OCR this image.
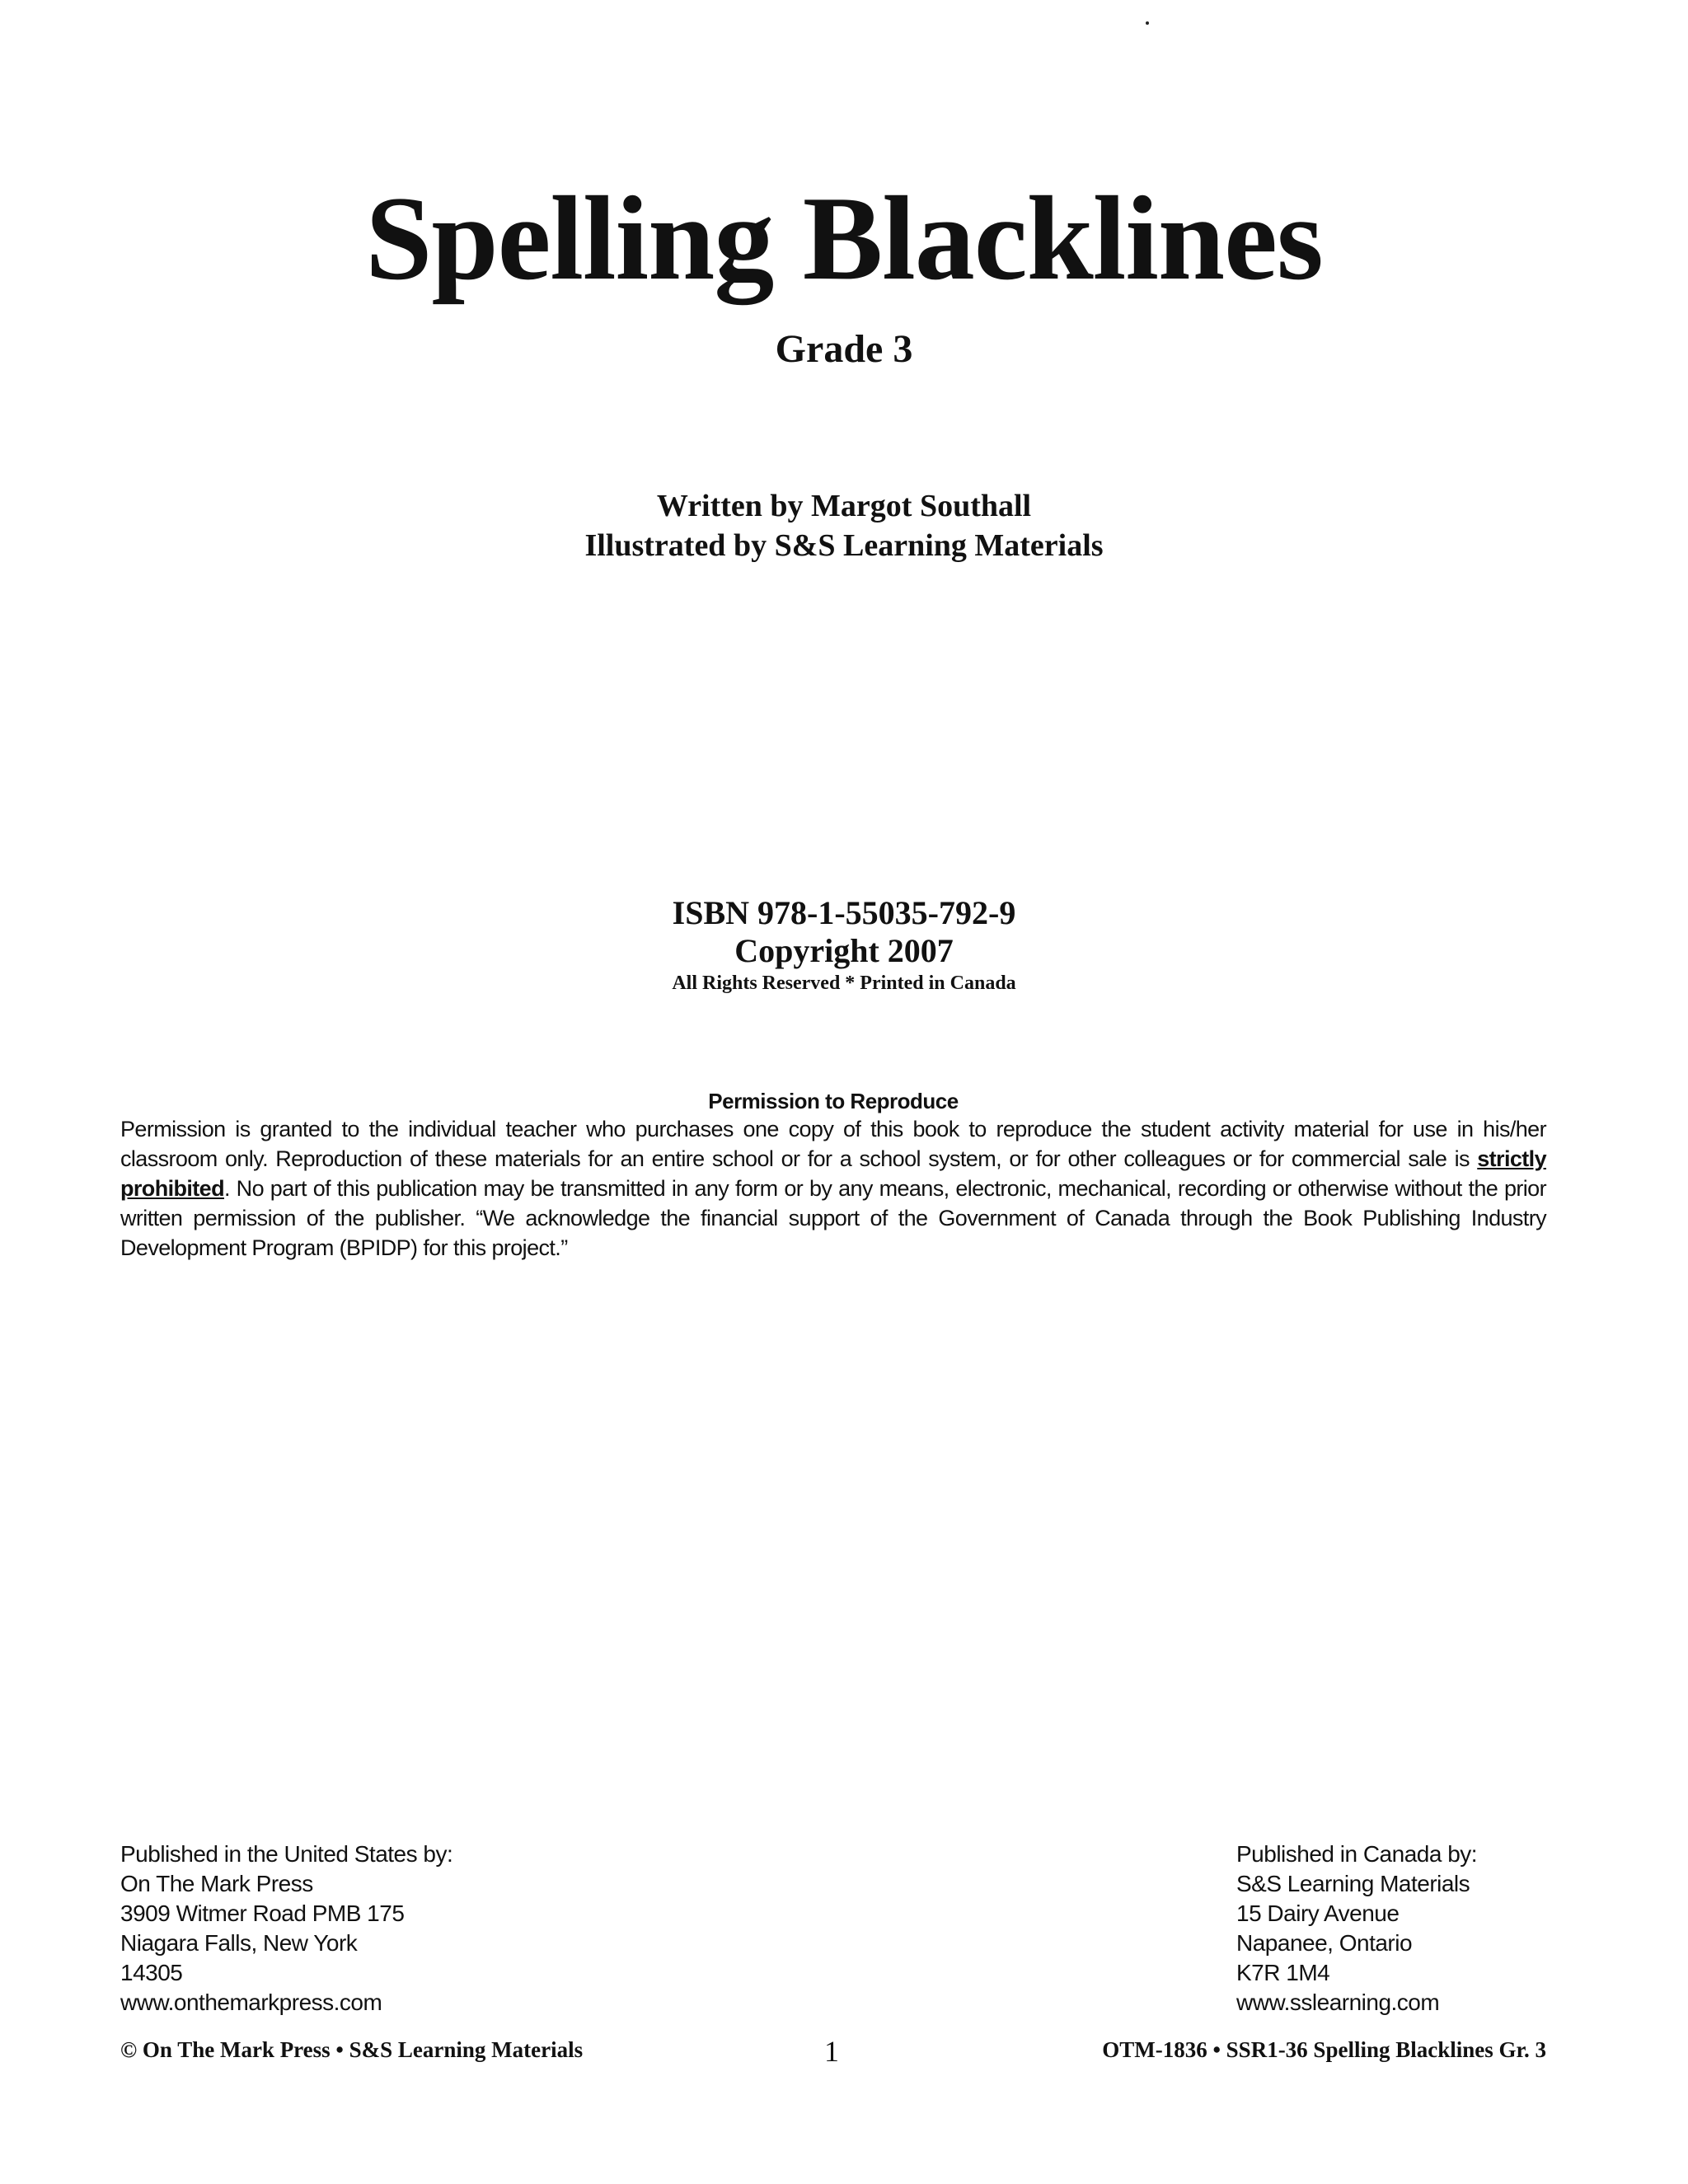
Spelling Blacklines
Grade 3
Written by Margot Southall
Illustrated by S&S Learning Materials
ISBN 978-1-55035-792-9
Copyright 2007
All Rights Reserved * Printed in Canada
Permission to Reproduce
Permission is granted to the individual teacher who purchases one copy of this book to reproduce the student activity material for use in his/her classroom only. Reproduction of these materials for an entire school or for a school system, or for other colleagues or for commercial sale is strictly prohibited. No part of this publication may be transmitted in any form or by any means, electronic, mechanical, recording or otherwise without the prior written permission of the publisher. “We acknowledge the financial support of the Government of Canada through the Book Publishing Industry Development Program (BPIDP) for this project.”
Published in the United States by:
On The Mark Press
3909 Witmer Road PMB 175
Niagara Falls, New York
14305
www.onthemarkpress.com
Published in Canada by:
S&S Learning Materials
15 Dairy Avenue
Napanee, Ontario
K7R 1M4
www.sslearning.com
© On The Mark Press • S&S Learning Materials	1	OTM-1836 • SSR1-36 Spelling Blacklines Gr. 3
